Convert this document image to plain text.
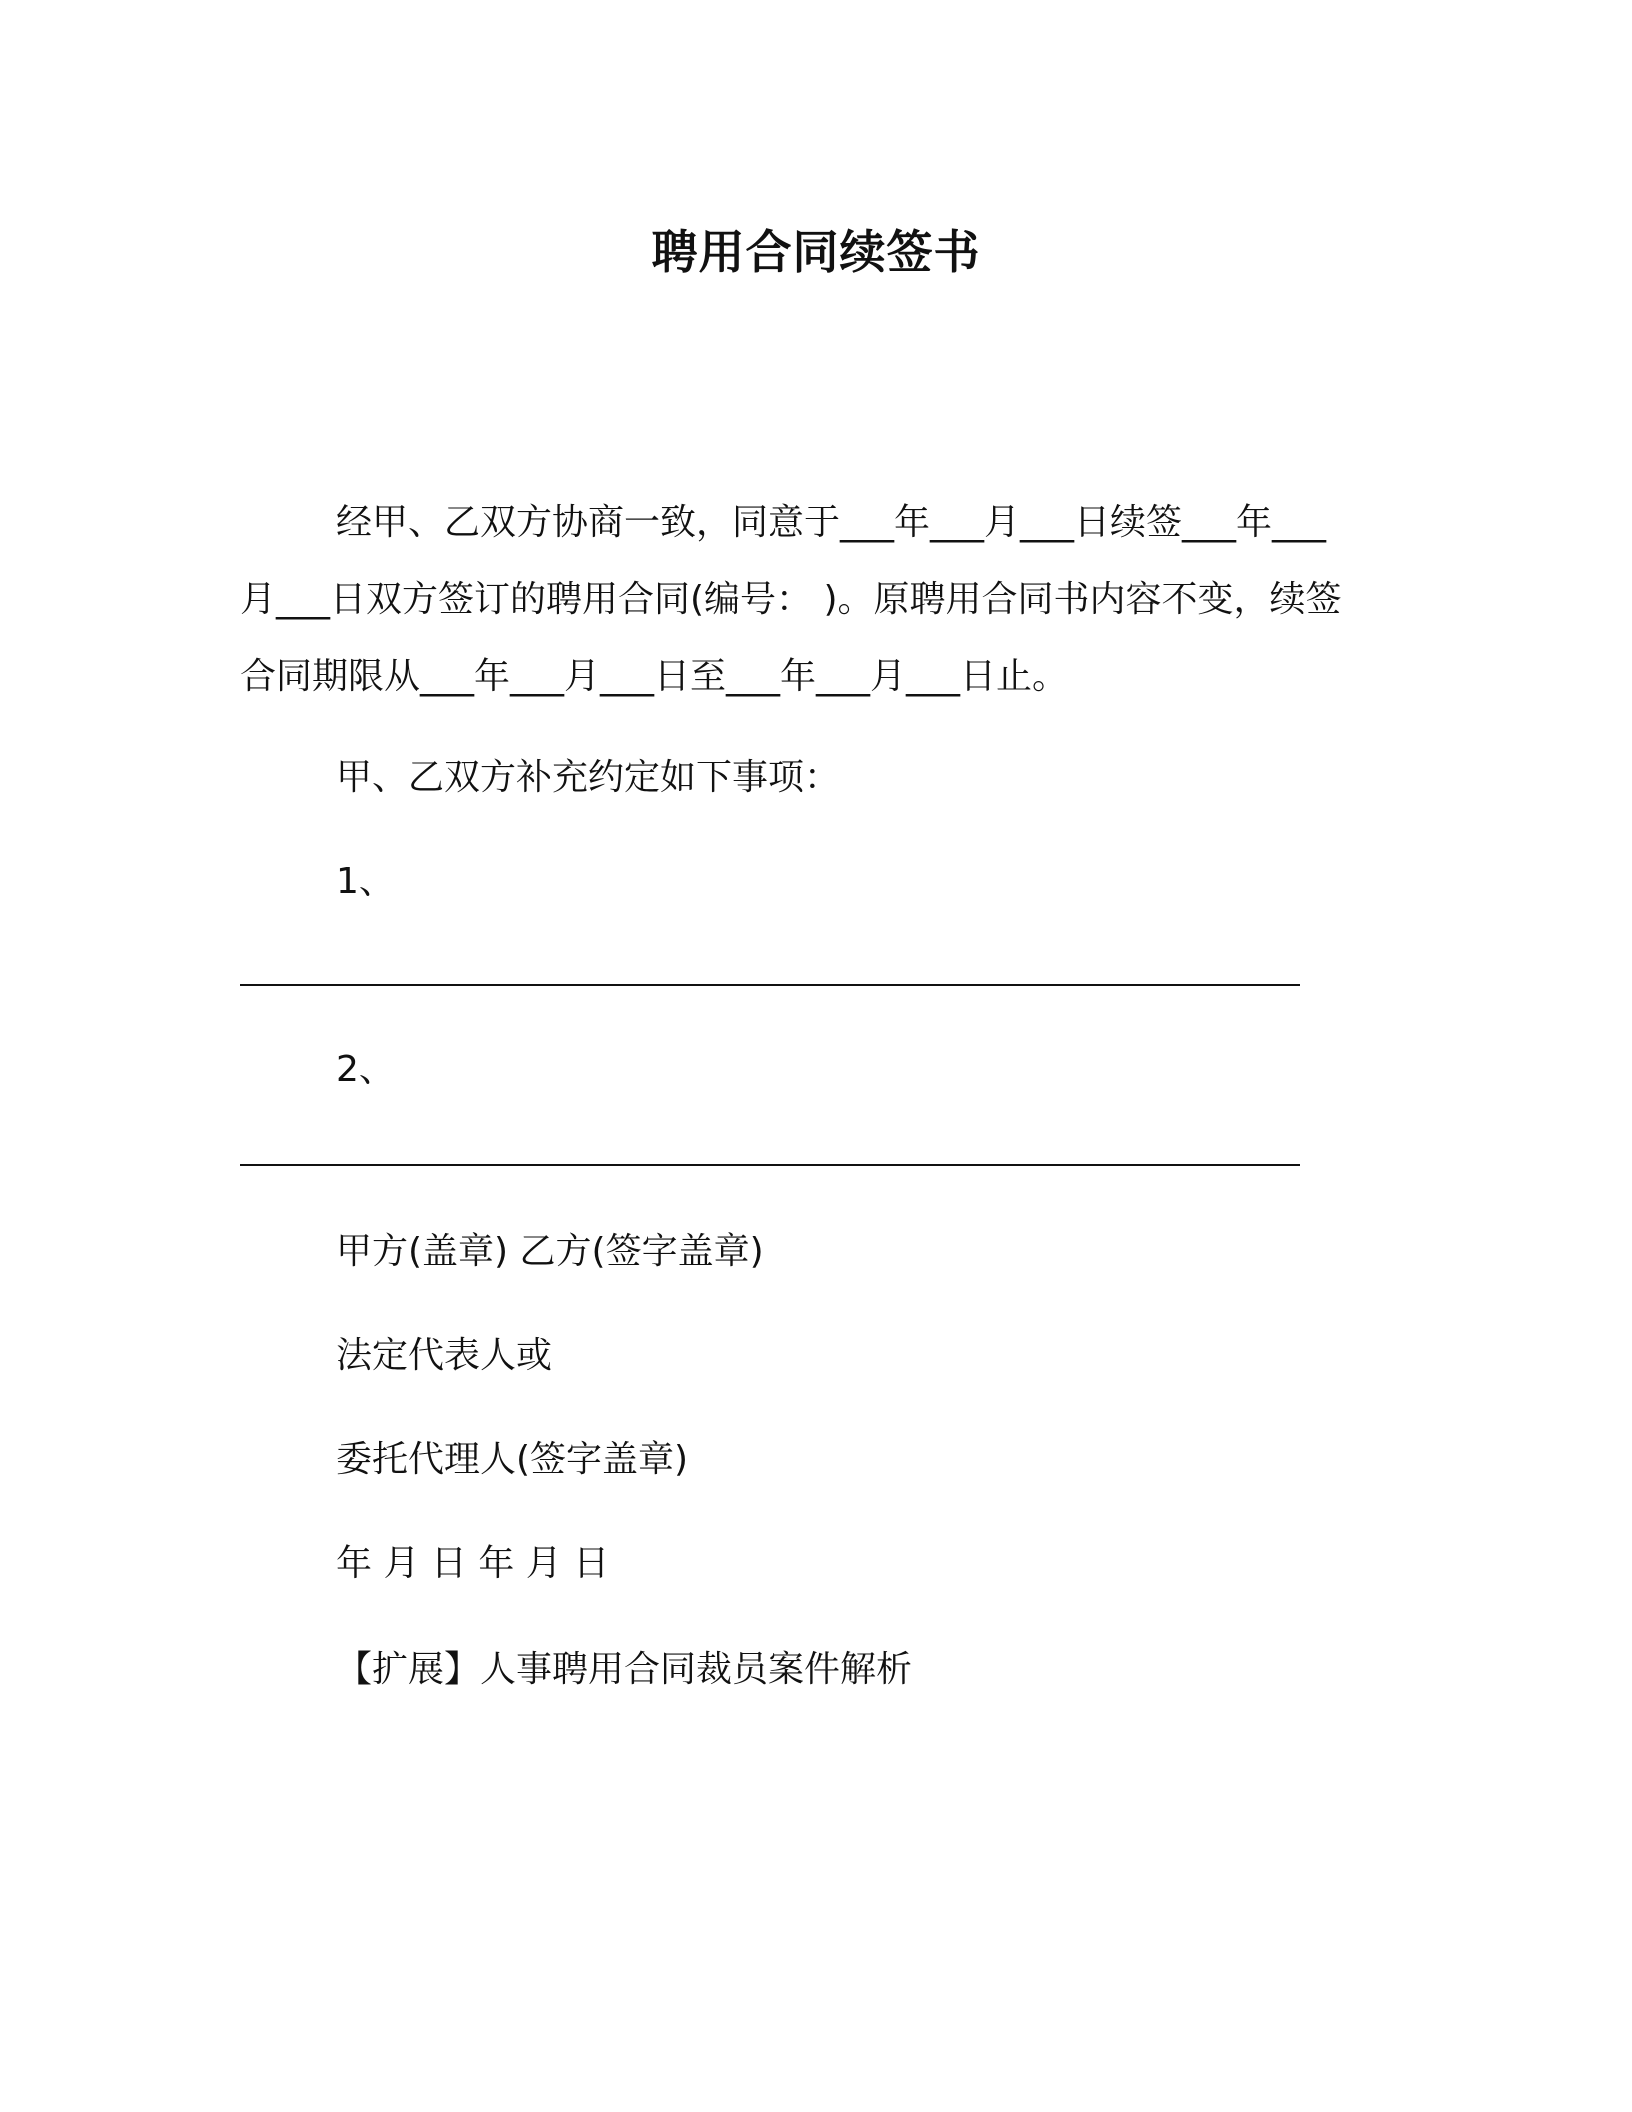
聘用合同续签书

经甲、乙双方协商一致，同意于___年___月___日续签___年___月___日双方签订的聘用合同(编号： )。原聘用合同书内容不变，续签合同期限从___年___月___日至___年___月___日止。

甲、乙双方补充约定如下事项：
1、
2、
甲方(盖章) 乙方(签字盖章)
法定代表人或
委托代理人(签字盖章)
年 月 日 年 月 日
【扩展】人事聘用合同裁员案件解析
